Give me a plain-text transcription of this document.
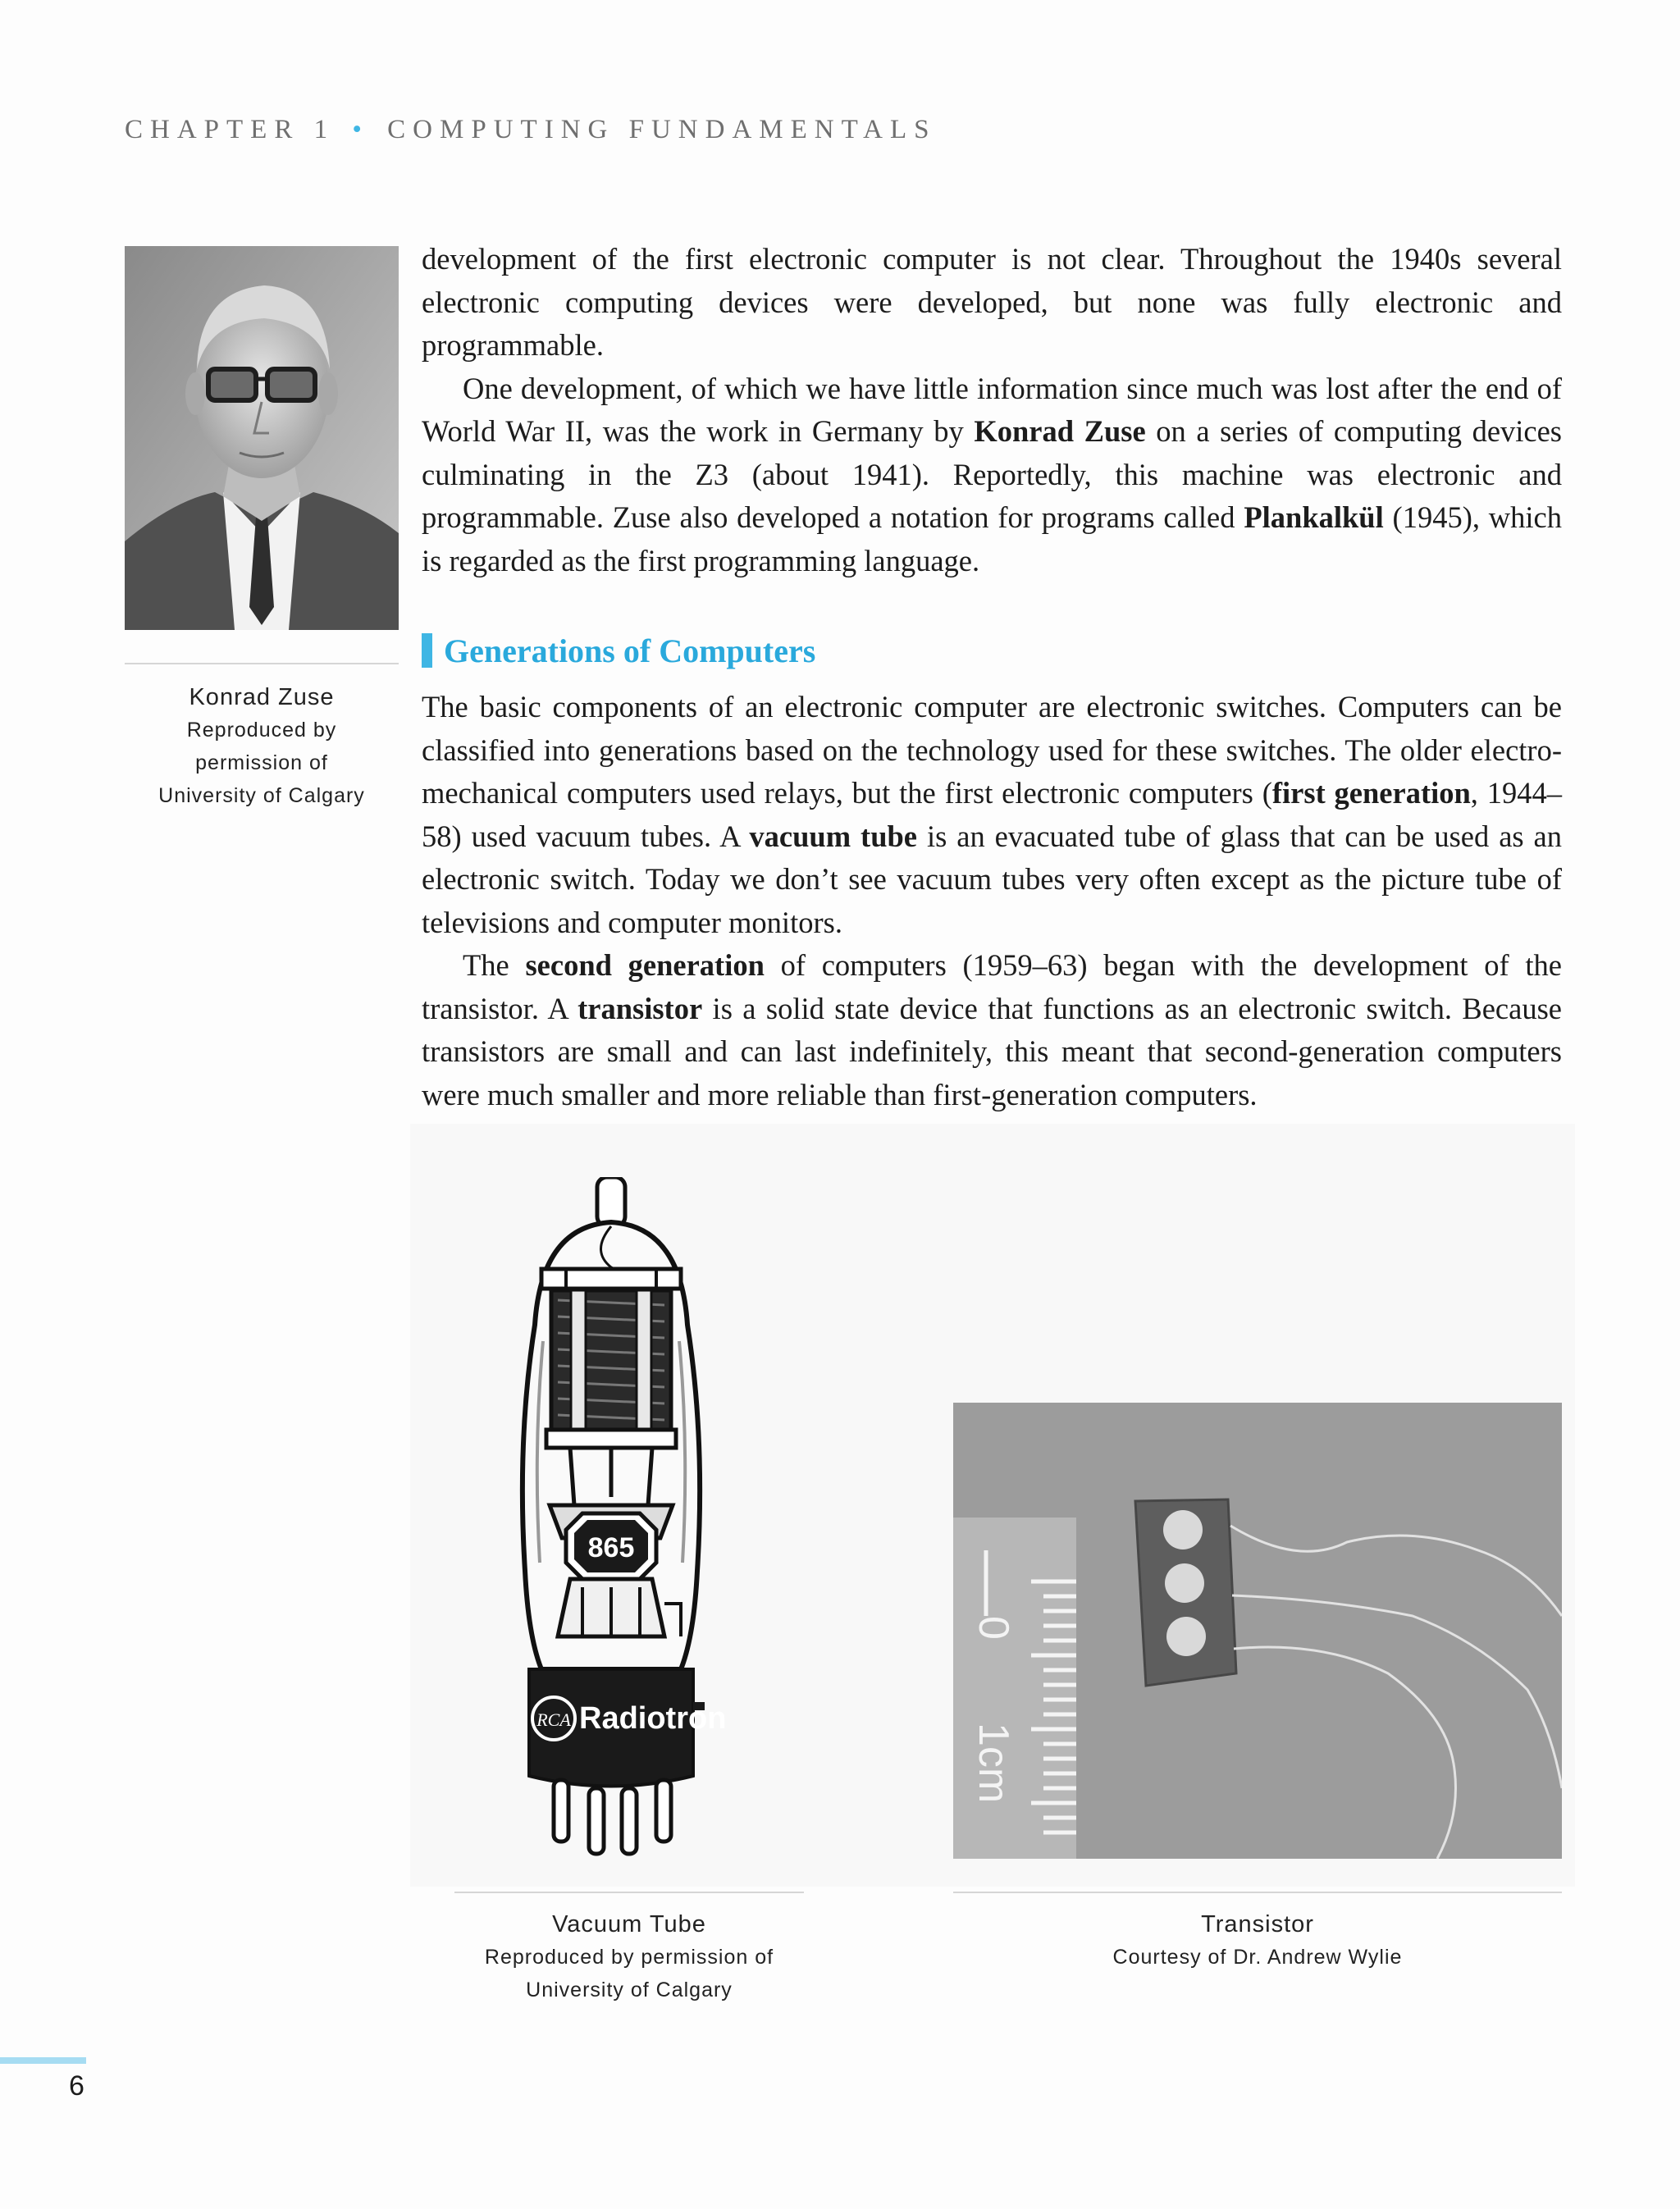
CHAPTER 1 • COMPUTING FUNDAMENTALS
Konrad Zuse
Reproduced by
permission of
University of Calgary

development of the first electronic computer is not clear. Throughout the 1940s several electronic computing devices were developed, but none was fully electronic and programmable.

One development, of which we have little information since much was lost after the end of World War II, was the work in Germany by Konrad Zuse on a series of computing devices culminating in the Z3 (about 1941). Reportedly, this machine was electronic and programmable. Zuse also developed a notation for programs called Plankalkül (1945), which is regarded as the first programming language.

Generations of Computers

The basic components of an electronic computer are electronic switches. Computers can be classified into generations based on the technology used for these switches. The older electro-mechanical computers used relays, but the first electronic computers (first generation, 1944–58) used vacuum tubes. A vacuum tube is an evacuated tube of glass that can be used as an electronic switch. Today we don’t see vacuum tubes very often except as the picture tube of televisions and computer monitors.

The second generation of computers (1959–63) began with the development of the transistor. A transistor is a solid state device that functions as an electronic switch. Because transistors are small and can last indefinitely, this meant that second-generation computers were much smaller and more reliable than first-generation computers.

865
RCA Radiotron
0
1cm
Vacuum Tube
Reproduced by permission of
University of Calgary
Transistor
Courtesy of Dr. Andrew Wylie
6
